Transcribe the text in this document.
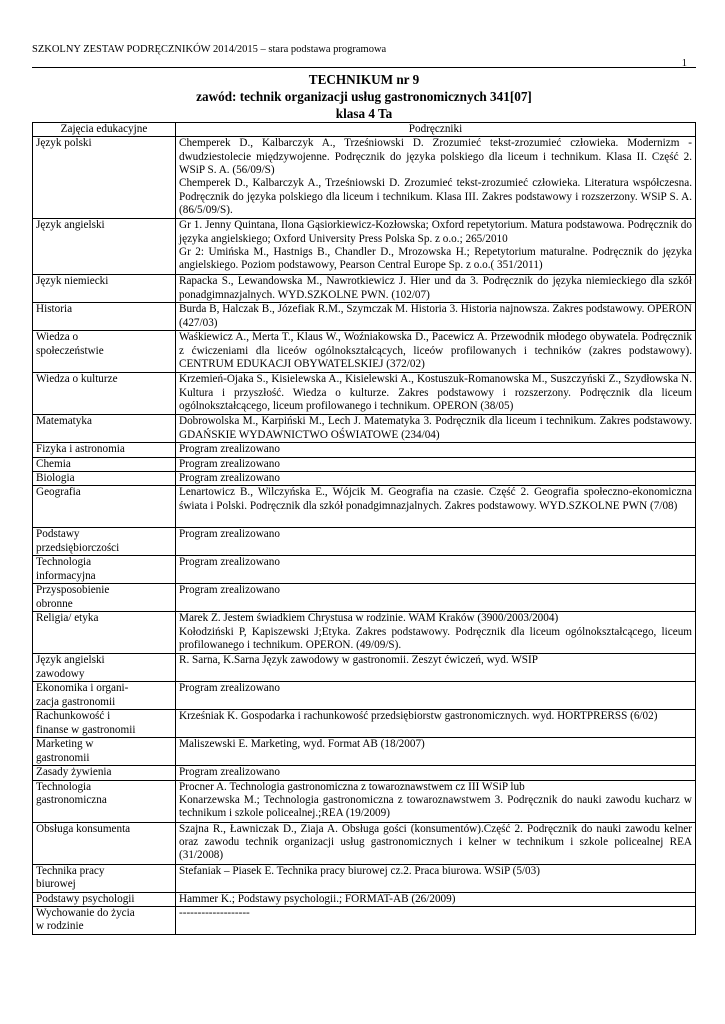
SZKOLNY ZESTAW PODRĘCZNIKÓW 2014/2015 – stara podstawa programowa
1
TECHNIKUM nr 9
zawód: technik organizacji usług gastronomicznych 341[07]
klasa 4 Ta
Zajęcia edukacyjne	Podręczniki
Język polski	Chemperek D., Kalbarczyk A., Trześniowski D. Zrozumieć tekst-zrozumieć człowieka. Modernizm - dwudziestolecie międzywojenne. Podręcznik do języka polskiego dla liceum i technikum. Klasa II. Część 2. WSiP S. A. (56/09/S)
Chemperek D., Kalbarczyk A., Trześniowski D. Zrozumieć tekst-zrozumieć człowieka. Literatura współczesna. Podręcznik do języka polskiego dla liceum i technikum. Klasa III. Zakres podstawowy i rozszerzony. WSiP S. A. (86/5/09/S).
Język angielski	Gr 1. Jenny Quintana, Ilona Gąsiorkiewicz-Kozłowska; Oxford repetytorium. Matura podstawowa. Podręcznik do języka angielskiego; Oxford University Press Polska Sp. z o.o.; 265/2010
Gr 2: Umińska M., Hastnigs B., Chandler D., Mrozowska H.; Repetytorium maturalne. Podręcznik do języka angielskiego. Poziom podstawowy, Pearson Central Europe Sp. z o.o.( 351/2011)
Język niemiecki	Rapacka S., Lewandowska M., Nawrotkiewicz J. Hier und da 3. Podręcznik do języka niemieckiego dla szkół ponadgimnazjalnych. WYD.SZKOLNE PWN. (102/07)
Historia	Burda B, Halczak B., Józefiak R.M., Szymczak M. Historia 3. Historia najnowsza. Zakres podstawowy. OPERON (427/03)
Wiedza o
społeczeństwie	Waśkiewicz A., Merta T., Klaus W., Woźniakowska D., Pacewicz A. Przewodnik młodego obywatela. Podręcznik z ćwiczeniami dla liceów ogólnokształcących, liceów profilowanych i techników (zakres podstawowy). CENTRUM EDUKACJI OBYWATELSKIEJ (372/02)
Wiedza o kulturze	Krzemień-Ojaka S., Kisielewska A., Kisielewski A., Kostuszuk-Romanowska M., Suszczyński Z., Szydłowska N. Kultura i przyszłość. Wiedza o kulturze. Zakres podstawowy i rozszerzony. Podręcznik dla liceum ogólnokształcącego, liceum profilowanego i technikum. OPERON (38/05)
Matematyka	Dobrowolska M., Karpiński M., Lech J. Matematyka 3. Podręcznik dla liceum i technikum. Zakres podstawowy. GDAŃSKIE WYDAWNICTWO OŚWIATOWE (234/04)
Fizyka i astronomia	Program zrealizowano
Chemia	Program zrealizowano
Biologia	Program zrealizowano
Geografia	Lenartowicz B., Wilczyńska E., Wójcik M. Geografia na czasie. Część 2. Geografia społeczno-ekonomiczna świata i Polski. Podręcznik dla szkół ponadgimnazjalnych. Zakres podstawowy. WYD.SZKOLNE PWN (7/08)
Podstawy
przedsiębiorczości	Program zrealizowano
Technologia
informacyjna	Program zrealizowano
Przysposobienie
obronne	Program zrealizowano
Religia/ etyka	Marek Z. Jestem świadkiem Chrystusa w rodzinie. WAM Kraków (3900/2003/2004)
Kołodziński P, Kapiszewski J;Etyka. Zakres podstawowy. Podręcznik dla liceum ogólnokształcącego, liceum profilowanego i technikum. OPERON. (49/09/S).
Język angielski
zawodowy	R. Sarna, K.Sarna Język zawodowy w gastronomii. Zeszyt ćwiczeń, wyd. WSIP
Ekonomika i organi-
zacja gastronomii	Program zrealizowano
Rachunkowość i
finanse w gastronomii	Krześniak K. Gospodarka i rachunkowość przedsiębiorstw gastronomicznych. wyd. HORTPRERSS (6/02)
Marketing w
gastronomii	Maliszewski E. Marketing, wyd. Format AB (18/2007)
Zasady żywienia	Program zrealizowano
Technologia
gastronomiczna	Procner A. Technologia gastronomiczna z towaroznawstwem cz III WSiP lub
Konarzewska M.; Technologia gastronomiczna z towaroznawstwem 3. Podręcznik do nauki zawodu kucharz w technikum i szkole policealnej.;REA (19/2009)
Obsługa konsumenta	Szajna R., Ławniczak D., Ziaja A. Obsługa gości (konsumentów).Część 2. Podręcznik do nauki zawodu kelner oraz zawodu technik organizacji usług gastronomicznych i kelner w technikum i szkole policealnej REA (31/2008)
Technika pracy
biurowej	Stefaniak – Piasek E. Technika pracy biurowej cz.2. Praca biurowa. WSiP (5/03)
Podstawy psychologii	Hammer K.; Podstawy psychologii.; FORMAT-AB (26/2009)
Wychowanie do życia
w rodzinie	-------------------
